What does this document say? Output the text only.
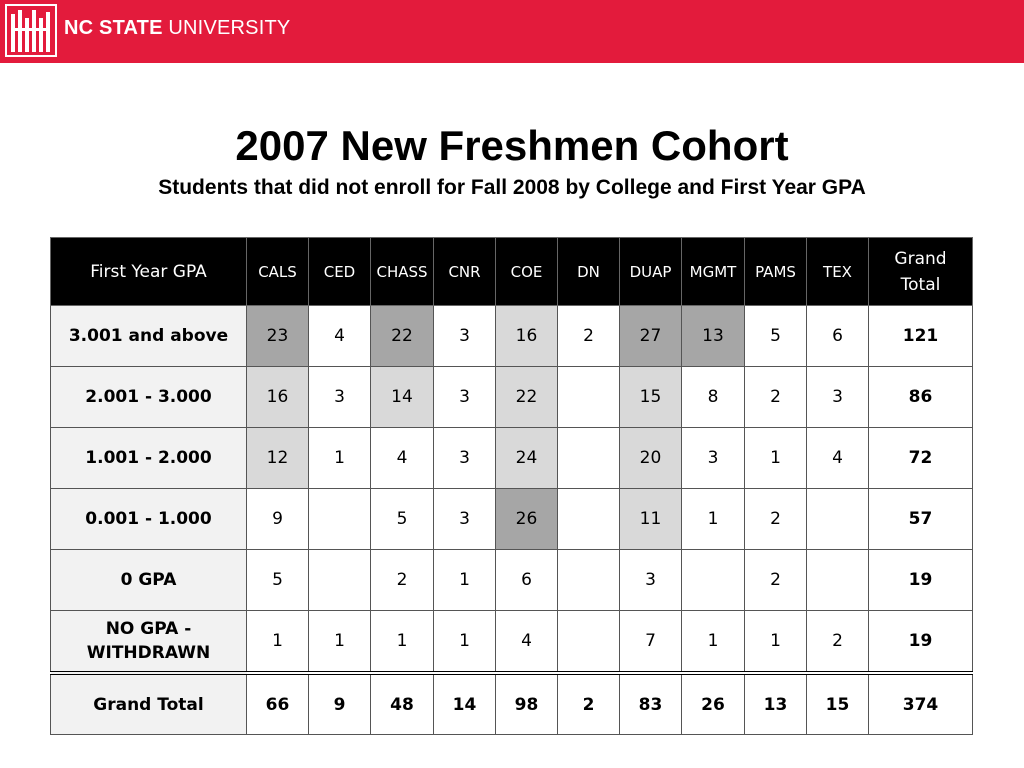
NC STATE UNIVERSITY
2007 New Freshmen Cohort
Students that did not enroll for Fall 2008 by College and First Year GPA
First Year GPA	CALS	CED	CHASS	CNR	COE	DN	DUAP	MGMT	PAMS	TEX	Grand
Total
3.001 and above	23	4	22	3	16	2	27	13	5	6	121
2.001 - 3.000	16	3	14	3	22		15	8	2	3	86
1.001 - 2.000	12	1	4	3	24		20	3	1	4	72
0.001 - 1.000	9		5	3	26		11	1	2		57
0 GPA	5		2	1	6		3		2		19
NO GPA -
WITHDRAWN	1	1	1	1	4		7	1	1	2	19
Grand Total	66	9	48	14	98	2	83	26	13	15	374
